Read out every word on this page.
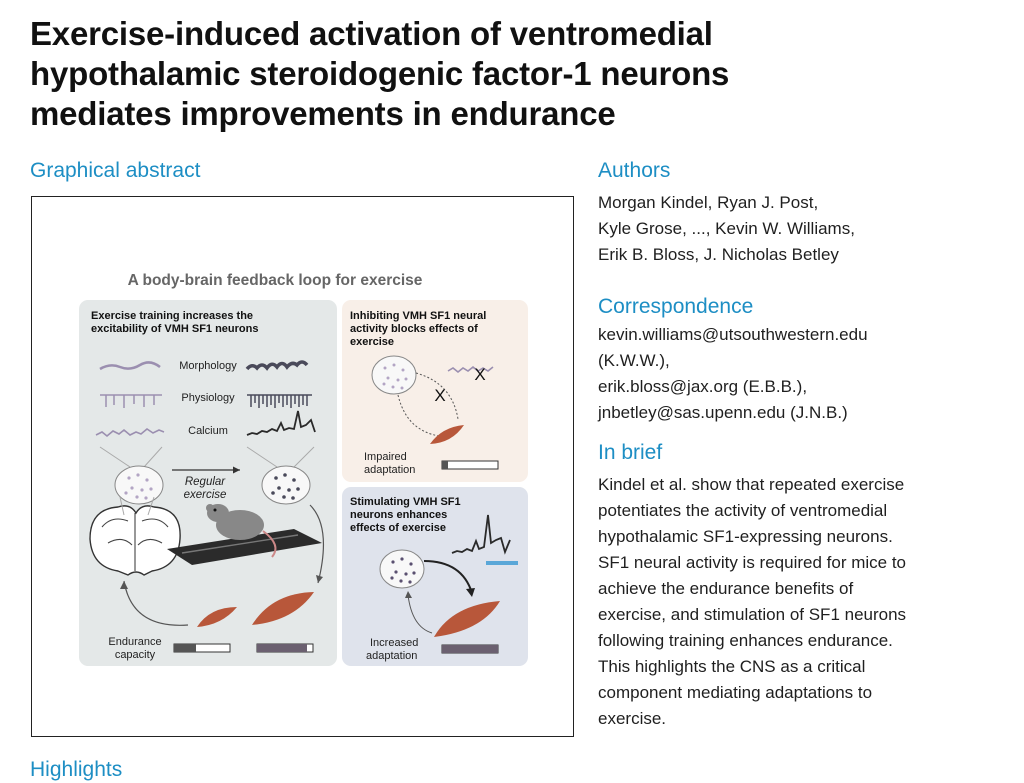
Exercise-induced activation of ventromedial
hypothalamic steroidogenic factor-1 neurons
mediates improvements in endurance
Graphical abstract
A body-brain feedback loop for exercise
Exercise training increases the
excitability of VMH SF1 neurons
Morphology
Physiology
Calcium
Regular
exercise
Endurance
capacity
Inhibiting VMH SF1 neural
activity blocks effects of
exercise
X
X
Impaired
adaptation
Stimulating VMH SF1
neurons enhances
effects of exercise
Increased
adaptation
Authors
Morgan Kindel, Ryan J. Post,
Kyle Grose, ..., Kevin W. Williams,
Erik B. Bloss, J. Nicholas Betley
Correspondence
kevin.williams@utsouthwestern.edu
(K.W.W.),
erik.bloss@jax.org (E.B.B.),
jnbetley@sas.upenn.edu (J.N.B.)
In brief
Kindel et al. show that repeated exercise
potentiates the activity of ventromedial
hypothalamic SF1-expressing neurons.
SF1 neural activity is required for mice to
achieve the endurance benefits of
exercise, and stimulation of SF1 neurons
following training enhances endurance.
This highlights the CNS as a critical
component mediating adaptations to
exercise.
Highlights
